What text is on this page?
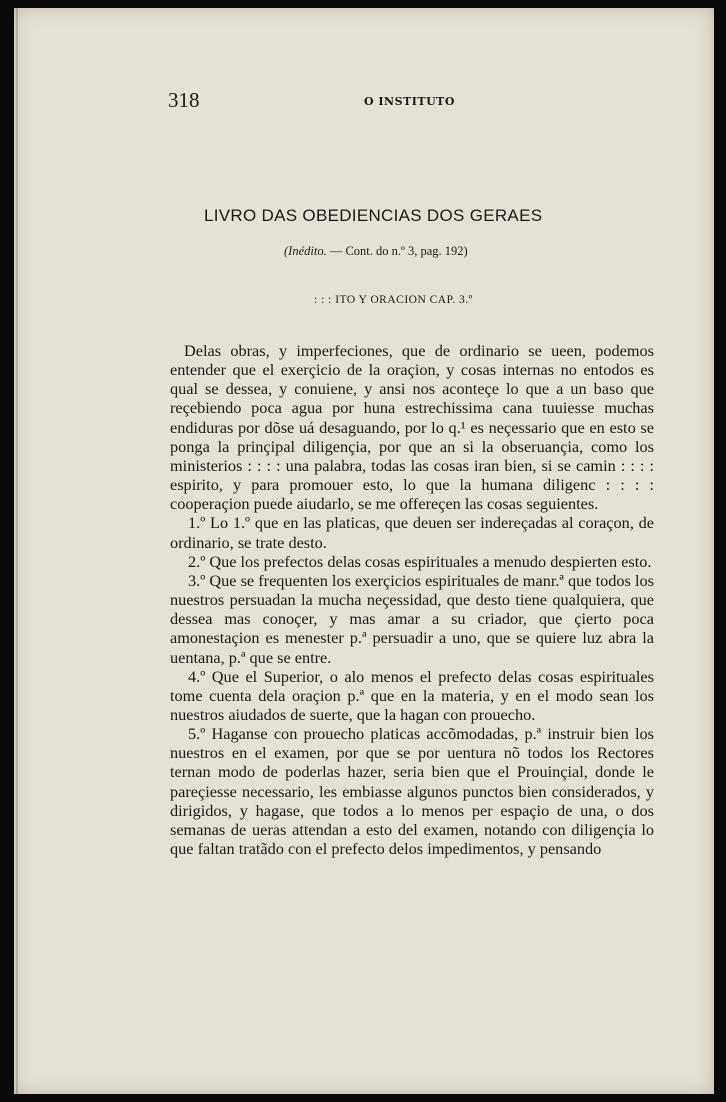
318	O INSTITUTO
LIVRO DAS OBEDIENCIAS DOS GERAES
(Inédito. — Cont. do n.º 3, pag. 192)
: : : ITO Y ORACION CAP. 3.º

Delas obras, y imperfeciones, que de ordinario se ueen, podemos entender que el exerçicio de la oraçion, y cosas internas no entodos es qual se dessea, y conuiene, y ansi nos aconteçe lo que a un baso que reçebiendo poca agua por huna estrechissima cana tuuiesse muchas endiduras por dõse uá desaguando, por lo q.¹ es neçessario que en esto se ponga la prinçipal diligençia, por que an si la obseruançia, como los ministerios : : : : una palabra, todas las cosas iran bien, si se camin : : : : espirito, y para promouer esto, lo que la humana diligenc : : : : cooperaçion puede aiudarlo, se me offereçen las cosas seguientes.

1.º Lo 1.º que en las platicas, que deuen ser indereçadas al coraçon, de ordinario, se trate desto.

2.º Que los prefectos delas cosas espirituales a menudo despierten esto.

3.º Que se frequenten los exerçicios espirituales de manr.ª que todos los nuestros persuadan la mucha neçessidad, que desto tiene qualquiera, que dessea mas conoçer, y mas amar a su criador, que çierto poca amonestaçion es menester p.ª persuadir a uno, que se quiere luz abra la uentana, p.ª que se entre.

4.º Que el Superior, o alo menos el prefecto delas cosas espirituales tome cuenta dela oraçion p.ª que en la materia, y en el modo sean los nuestros aiudados de suerte, que la hagan con prouecho.

5.º Haganse con prouecho platicas accõmodadas, p.ª instruir bien los nuestros en el examen, por que se por uentura nõ todos los Rectores ternan modo de poderlas hazer, seria bien que el Prouinçial, donde le pareçiesse necessario, les embiasse algunos punctos bien considerados, y dirigidos, y hagase, que todos a lo menos per espaçio de una, o dos semanas de ueras attendan a esto del examen, notando con diligençia lo que faltan tratãdo con el prefecto delos impedimentos, y pensando
